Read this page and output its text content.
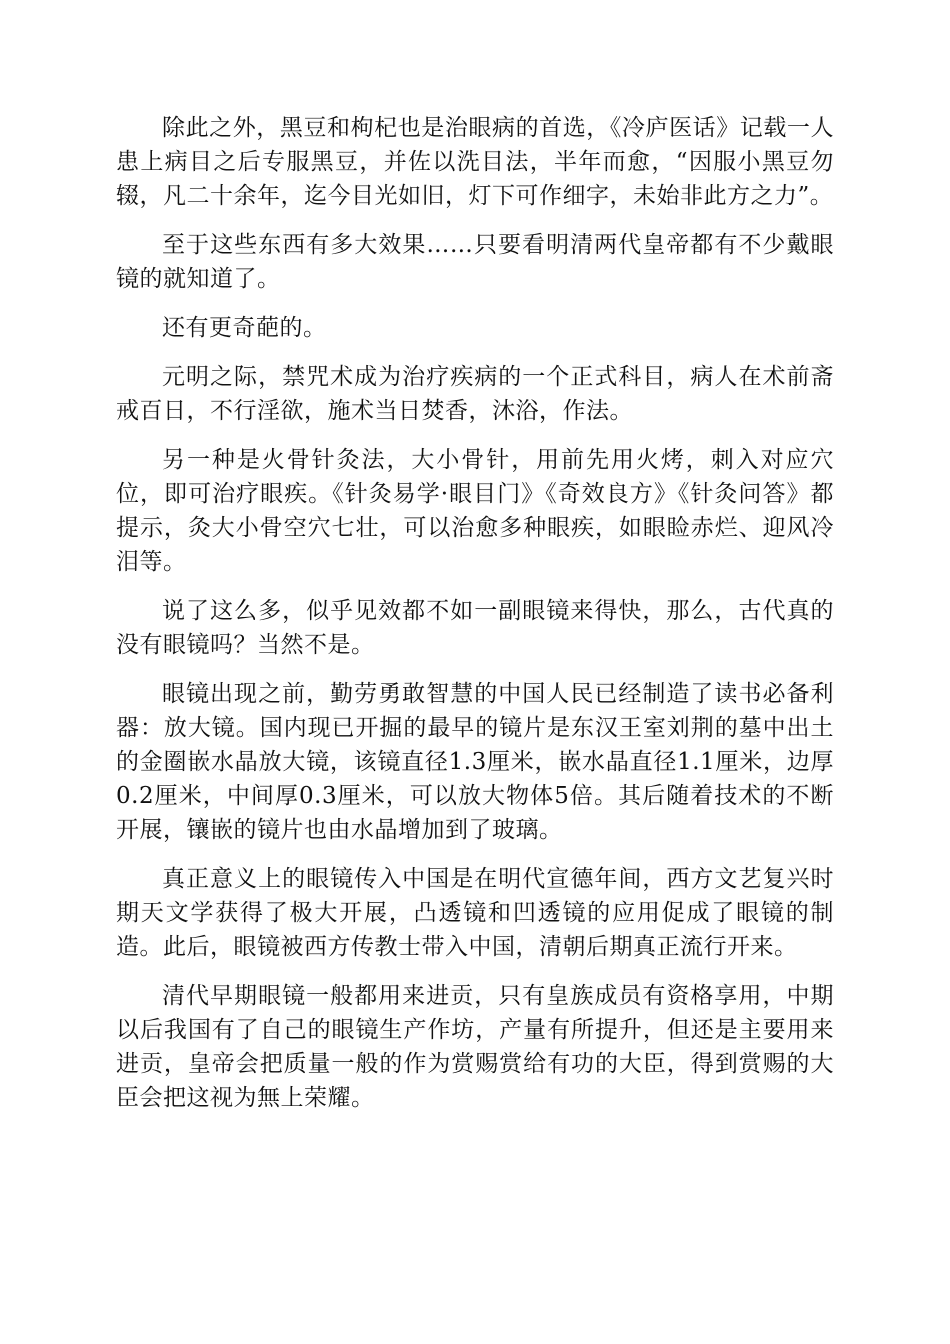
除此之外，黑豆和枸杞也是治眼病的首选，《冷庐医话》记载一人患上病目之后专服黑豆，并佐以洗目法，半年而愈，“因服小黑豆勿辍，凡二十余年，迄今目光如旧，灯下可作细字，未始非此方之力”。

至于这些东西有多大效果……只要看明清两代皇帝都有不少戴眼镜的就知道了。

还有更奇葩的。

元明之际，禁咒术成为治疗疾病的一个正式科目，病人在术前斋戒百日，不行淫欲，施术当日焚香，沐浴，作法。

另一种是火骨针灸法，大小骨针，用前先用火烤，刺入对应穴位，即可治疗眼疾。《针灸易学·眼目门》《奇效良方》《针灸问答》都提示，灸大小骨空穴七壮，可以治愈多种眼疾，如眼睑赤烂、迎风冷泪等。

说了这么多，似乎见效都不如一副眼镜来得快，那么，古代真的没有眼镜吗？当然不是。

眼镜出现之前，勤劳勇敢智慧的中国人民已经制造了读书必备利器：放大镜。国内现已开掘的最早的镜片是东汉王室刘荆的墓中出土的金圈嵌水晶放大镜，该镜直径1.3厘米，嵌水晶直径1.1厘米，边厚0.2厘米，中间厚0.3厘米，可以放大物体5倍。其后随着技术的不断开展，镶嵌的镜片也由水晶增加到了玻璃。

真正意义上的眼镜传入中国是在明代宣德年间，西方文艺复兴时期天文学获得了极大开展，凸透镜和凹透镜的应用促成了眼镜的制造。此后，眼镜被西方传教士带入中国，清朝后期真正流行开来。

清代早期眼镜一般都用来进贡，只有皇族成员有资格享用，中期以后我国有了自己的眼镜生产作坊，产量有所提升，但还是主要用来进贡，皇帝会把质量一般的作为赏赐赏给有功的大臣，得到赏赐的大臣会把这视为無上荣耀。
